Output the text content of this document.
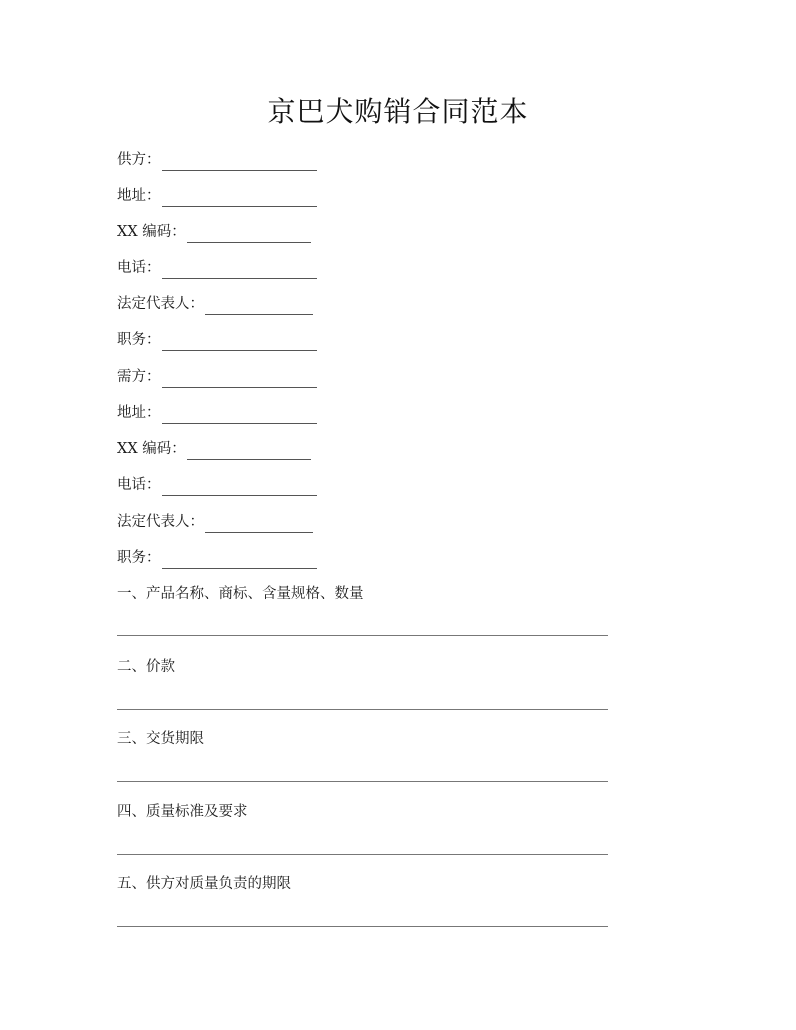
京巴犬购销合同范本
供方：
地址：
XX 编码：
电话：
法定代表人：
职务：
需方：
地址：
XX 编码：
电话：
法定代表人：
职务：
一、产品名称、商标、含量规格、数量
二、价款
三、交货期限
四、质量标准及要求
五、供方对质量负责的期限
